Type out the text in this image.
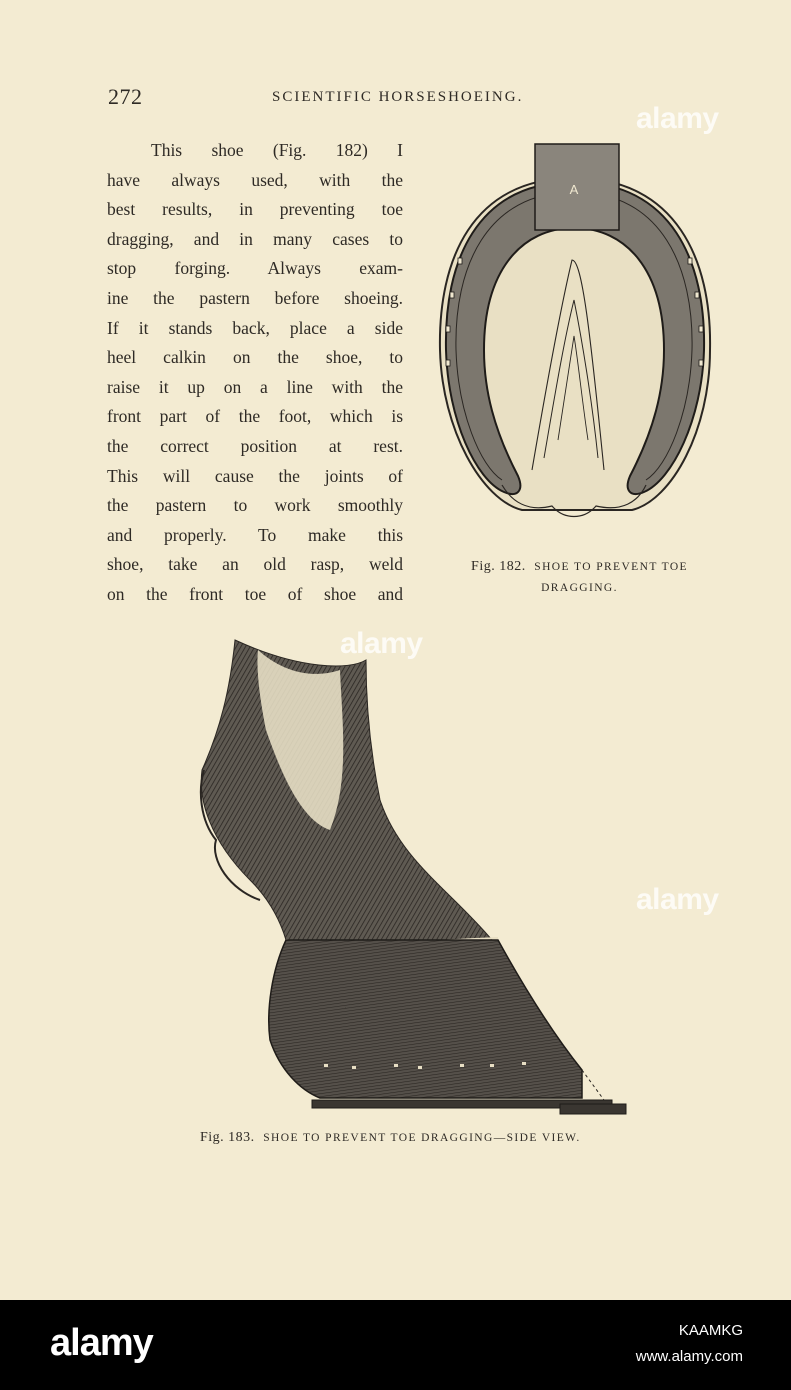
272	SCIENTIFIC HORSESHOEING.
This shoe (Fig. 182) I
have always used, with the
best results, in preventing toe
dragging, and in many cases to
stop forging. Always exam-
ine the pastern before shoeing.
If it stands back, place a side
heel calkin on the shoe, to
raise it up on a line with the
front part of the foot, which is
the correct position at rest.
This will cause the joints of
the pastern to work smoothly
and properly. To make this
shoe, take an old rasp, weld
on the front toe of shoe and
A
Fig. 182. SHOE TO PREVENT TOE
DRAGGING.
Fig. 183. SHOE TO PREVENT TOE DRAGGING—SIDE VIEW.
alamy
alamy
alamy
alamy	KAAMKG
www.alamy.com
